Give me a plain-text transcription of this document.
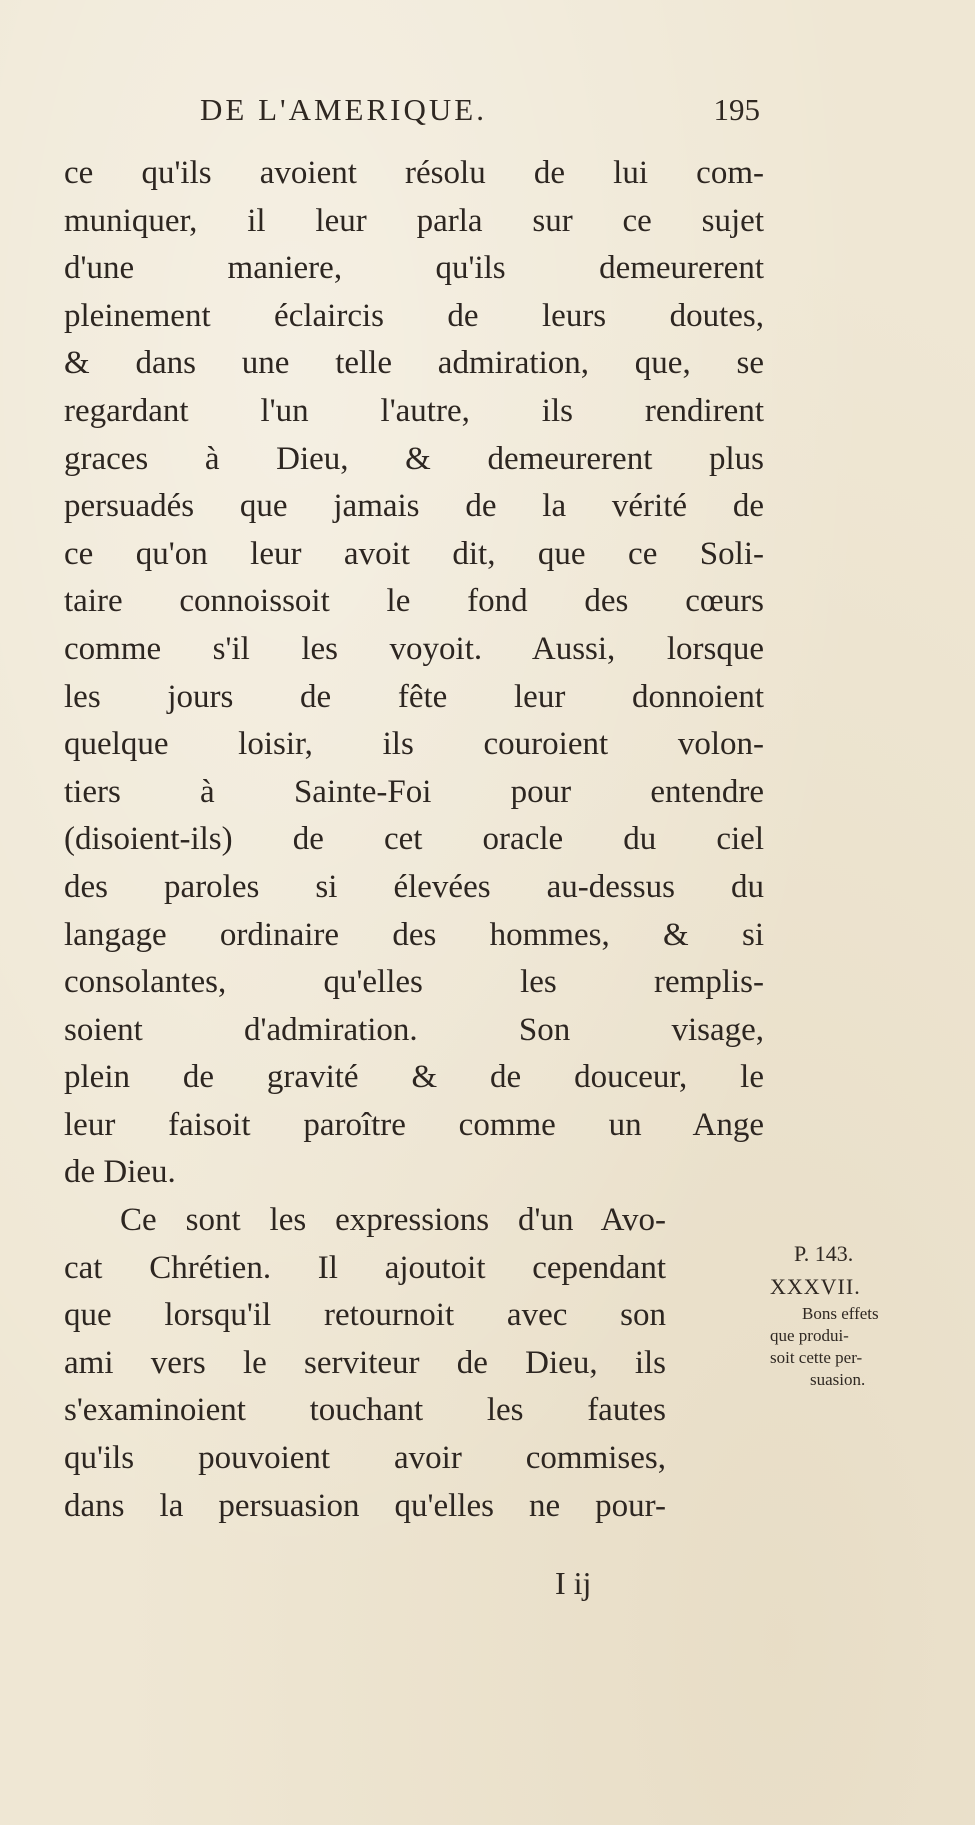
DE L'AMERIQUE.	195
ce qu'ils avoient résolu de lui com-
muniquer, il leur parla sur ce sujet
d'une maniere, qu'ils demeurerent
pleinement éclaircis de leurs doutes,
& dans une telle admiration, que, se
regardant l'un l'autre, ils rendirent
graces à Dieu, & demeurerent plus
persuadés que jamais de la vérité de
ce qu'on leur avoit dit, que ce Soli-
taire connoissoit le fond des cœurs
comme s'il les voyoit. Aussi, lorsque
les jours de fête leur donnoient
quelque loisir, ils couroient volon-
tiers à Sainte-Foi pour entendre
(disoient-ils) de cet oracle du ciel
des paroles si élevées au-dessus du
langage ordinaire des hommes, & si
consolantes, qu'elles les remplis-
soient d'admiration. Son visage,
plein de gravité & de douceur, le
leur faisoit paroître comme un Ange
de Dieu.
Ce sont les expressions d'un Avo-
cat Chrétien. Il ajoutoit cependant
que lorsqu'il retournoit avec son
ami vers le serviteur de Dieu, ils
s'examinoient touchant les fautes
qu'ils pouvoient avoir commises,
dans la persuasion qu'elles ne pour-
P. 143.
XXXVII.
Bons effets
que produi-
soit cette per-
suasion.
I ij
